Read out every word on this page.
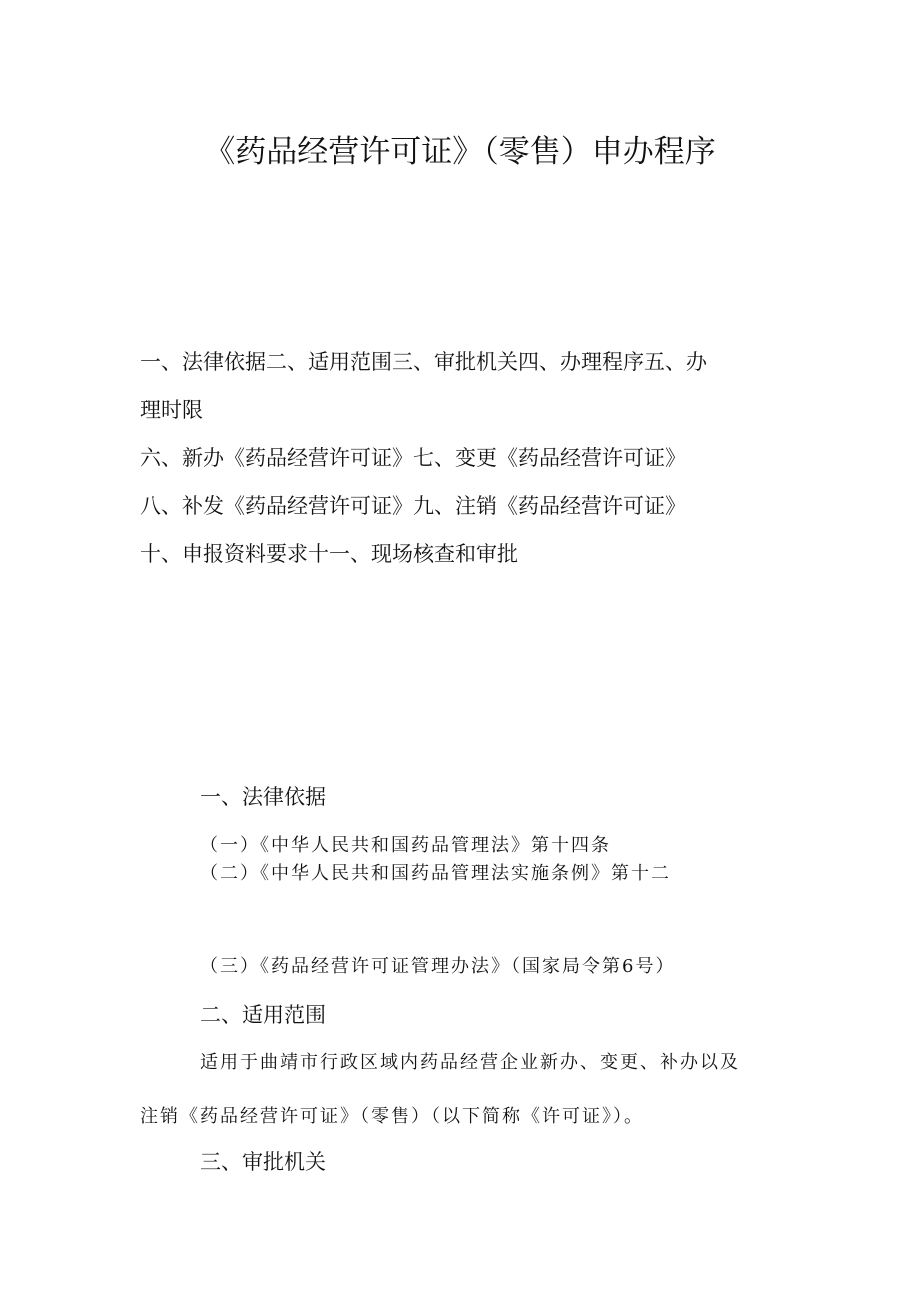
《药品经营许可证》（零售）申办程序
一、法律依据二、适用范围三、审批机关四、办理程序五、办
理时限
六、新办《药品经营许可证》七、变更《药品经营许可证》
八、补发《药品经营许可证》九、注销《药品经营许可证》
十、申报资料要求十一、现场核查和审批
一、法律依据
（一）《中华人民共和国药品管理法》第十四条
（二）《中华人民共和国药品管理法实施条例》第十二
（三）《药品经营许可证管理办法》（国家局令第6号）
二、适用范围
适用于曲靖市行政区域内药品经营企业新办、变更、补办以及
注销《药品经营许可证》（零售）（以下简称《许可证》）。
三、审批机关
